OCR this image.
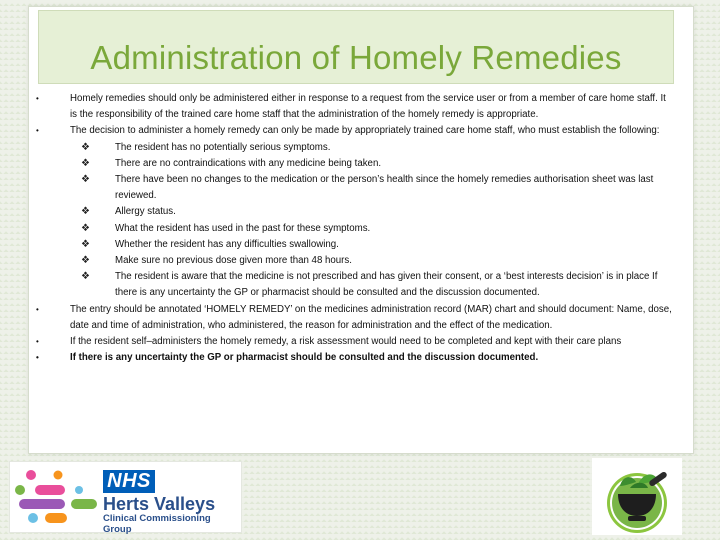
Administration of Homely Remedies
•	Homely remedies should only be administered either in response to a request from the service user or from a member of care home staff. It is the responsibility of the trained care home staff that the administration of the homely remedy is appropriate.
•	The decision to administer a homely remedy can only be made by appropriately trained care home staff, who must establish the following:
❖	The resident has no potentially serious symptoms.
❖	There are no contraindications with any medicine being taken.
❖	There have been no changes to the medication or the person’s health since the homely remedies authorisation sheet was last reviewed.
❖	Allergy status.
❖	What the resident has used in the past for these symptoms.
❖	Whether the resident has any difficulties swallowing.
❖	Make sure no previous dose given more than 48 hours.
❖	The resident is aware that the medicine is not prescribed and has given their consent, or a ‘best interests decision’ is in place If there is any uncertainty the GP or pharmacist should be consulted and the discussion documented.
•	The entry should be annotated ‘HOMELY REMEDY’ on the medicines administration record (MAR) chart and should document: Name, dose, date and time of administration, who administered, the reason for administration and the effect of the medication.
•	If the resident self–administers the homely remedy, a risk assessment would need to be completed and kept with their care plans
•	If there is any uncertainty the GP or pharmacist should be consulted and the discussion documented.
NHS
Herts Valleys
Clinical Commissioning Group
